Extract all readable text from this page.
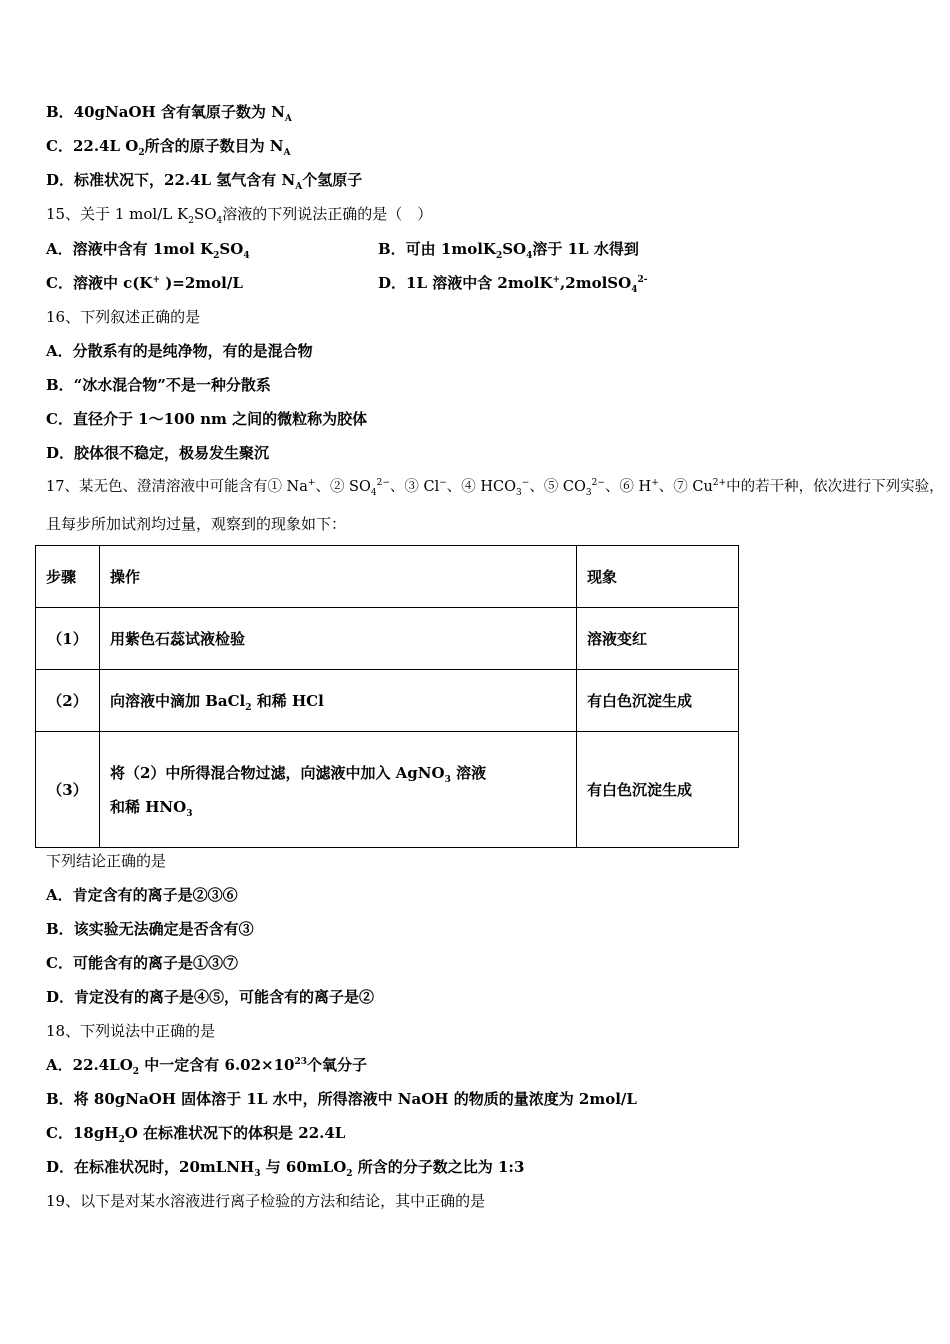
B．40gNaOH 含有氧原子数为 $N_A$
C．22.4L $O_2$所含的原子数目为 $N_A$
D．标准状况下，22.4L 氢气含有 $N_A$个氢原子
15、关于 1 mol/L $K_2SO_4$溶液的下列说法正确的是（　）
A．溶液中含有 1mol $K_2SO_4$	B．可由 $1molK_2SO_4$溶于 1L 水得到
C．溶液中 c(K+ )=2mol/L	D．1L 溶液中含 2molK+,2molSO$_4^{2-}$
16、下列叙述正确的是
A．分散系有的是纯净物，有的是混合物
B．“冰水混合物”不是一种分散系
C．直径介于 1～100 nm 之间的微粒称为胶体
D．胶体很不稳定，极易发生聚沉
17、某无色、澄清溶液中可能含有① Na+、② $SO_4^{2-}$、③ Cl−、④ $HCO_3^-$、⑤ $CO_3^{2-}$、⑥ H+、⑦ $Cu^{2+}$中的若干种，依次进行下列实验，
且每步所加试剂均过量，观察到的现象如下：
步骤	操作	现象
（1）	用紫色石蕊试液检验	溶液变红
（2）	向溶液中滴加 BaCl$_2$ 和稀 HCl	有白色沉淀生成
（3）	将（2）中所得混合物过滤，向滤液中加入 AgNO$_3$ 溶液
和稀 $HNO_3$	有白色沉淀生成
下列结论正确的是
A．肯定含有的离子是②③⑥
B．该实验无法确定是否含有③
C．可能含有的离子是①③⑦
D．肯定没有的离子是④⑤，可能含有的离子是②
18、下列说法中正确的是
A．$22.4LO_2$ 中一定含有 $6.02\times 10^{23}$个氧分子
B．将 80gNaOH 固体溶于 1L 水中，所得溶液中 NaOH 的物质的量浓度为 2mol/L
C．$18gH_2O$ 在标准状况下的体积是 22.4L
D．在标准状况时，20mLNH$_3$ 与 60mLO$_2$ 所含的分子数之比为 1:3
19、以下是对某水溶液进行离子检验的方法和结论，其中正确的是
